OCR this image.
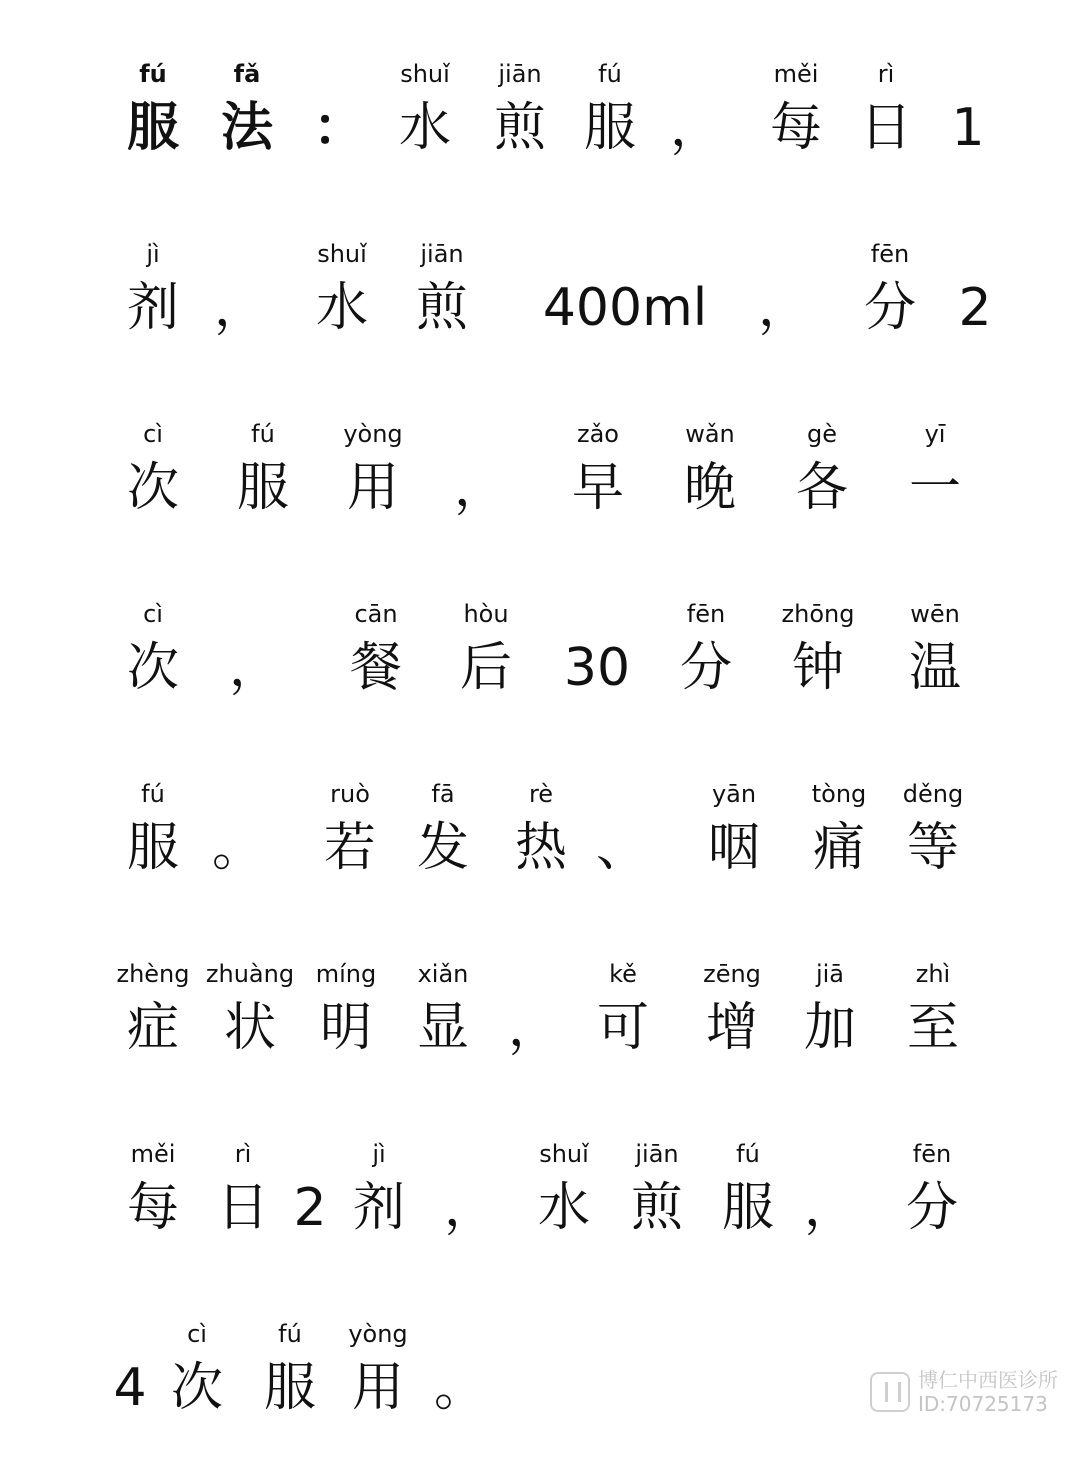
fú
服
fǎ
法 ：
shuǐ
水
jiān
煎
fú
服 ，
měi
每
rì
日 1
jì
剂 ，
shuǐ
水
jiān
煎	400ml ，
fēn
分 2
cì
次
fú
服
yòng
用	，
zǎo
早
wǎn
晚
gè
各
yī
一
cì
次 ，
cān
餐
hòu
后 30
fēn
分
zhōng
钟
wēn
温
fú
服 。
ruò
若
fā
发
rè
热 、
yān
咽
tòng
痛
děng
等
zhèng
症
zhuàng
状
míng
明
xiǎn
显 ，
kě
可
zēng
增
jiā
加
zhì
至
měi
每
rì
日 2
jì
剂 ，
shuǐ
水
jiān
煎
fú
服 ，
fēn
分
4
cì
次
fú
服
yòng
用 。	博仁中西医诊所
ID:70725173
